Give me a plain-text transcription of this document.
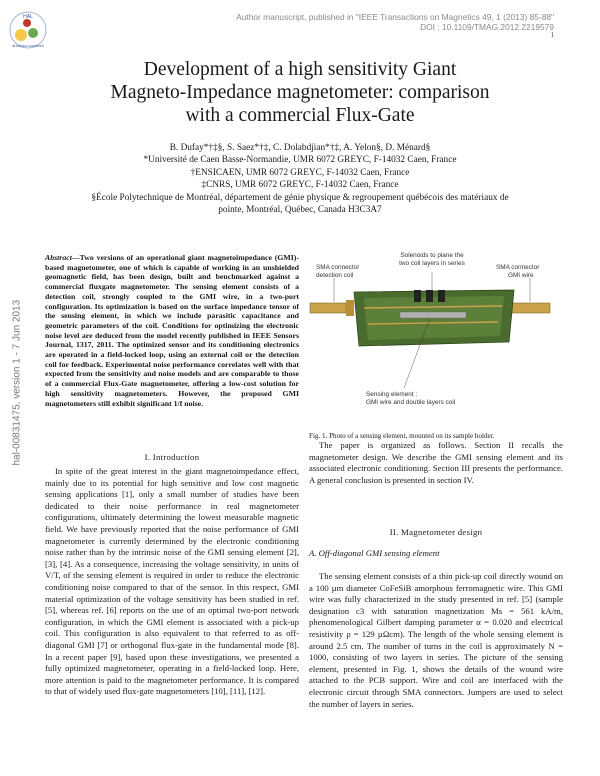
Author manuscript, published in "IEEE Transactions on Magnetics 49, 1 (2013) 85-88"
DOI : 10.1109/TMAG.2012.2219579
1
HAL
archives-ouvertes
hal-00831475, version 1 - 7 Jun 2013
Development of a high sensitivity Giant
Magneto-Impedance magnetometer: comparison
with a commercial Flux-Gate
B. Dufay*†‡§, S. Saez*†‡, C. Dolabdjian*†‡, A. Yelon§, D. Ménard§
*Université de Caen Basse-Normandie, UMR 6072 GREYC, F-14032 Caen, France
†ENSICAEN, UMR 6072 GREYC, F-14032 Caen, France
‡CNRS, UMR 6072 GREYC, F-14032 Caen, France
§École Polytechnique de Montréal, département de génie physique & regroupement québécois des matériaux de
pointe, Montréal, Québec, Canada H3C3A7
Abstract—Two versions of an operational giant magnetoimpedance (GMI)-based magnetometer, one of which is capable of working in an unshielded geomagnetic field, has been design, built and benchmarked against a commercial fluxgate magnetometer. The sensing element consists of a detection coil, strongly coupled to the GMI wire, in a two-port configuration. Its optimization is based on the surface impedance tensor of the sensing element, in which we include parasitic capacitance and geometric parameters of the coil. Conditions for optimizing the electronic noise level are deduced from the model recently published in IEEE Sensors Journal, 1317, 2011. The optimized sensor and its conditioning electronics are operated in a field-locked loop, using an external coil or the detection coil for feedback. Experimental noise performance correlates well with that expected from the sensitivity and noise models and are comparable to those of a commercial Flux-Gate magnetometer, offering a low-cost solution for high sensitivity magnetometers. However, the proposed GMI magnetometers still exhibit significant 1/f noise.
SMA connector
detection coil
Solenoids to plane the
two coil layers in series
SMA connector
GMI wire
Sensing element :
GMI wire and double layers coil
Fig. 1. Photo of a sensing element, mounted on its sample holder.
I. Introduction
In spite of the great interest in the giant magnetoimpedance effect, mainly due to its potential for high sensitive and low cost magnetic sensing applications [1], only a small number of studies have been dedicated to their noise performance in real magnetometer configurations, ultimately determining the lowest measurable magnetic field. We have previously reported that the noise performance of GMI magnetometer is currently determined by the electronic conditioning noise rather than by the intrinsic noise of the GMI sensing element [2], [3], [4]. As a consequence, increasing the voltage sensitivity, in units of V/T, of the sensing element is required in order to reduce the electronic conditioning noise compared to that of the sensor. In this respect, GMI material optimization of the voltage sensitivity has been studied in ref. [5], whereas ref. [6] reports on the use of an optimal two-port network configuration, in which the GMI element is associated with a pick-up coil. This configuration is also equivalent to that referred to as off-diagonal GMI [7] or orthogonal flux-gate in the fundamental mode [8]. In a recent paper [9], based upon these investigations, we presented a fully optimized magnetometer, operating in a field-locked loop. Here, more attention is paid to the magnetometer performance. It is compared to that of widely used flux-gate magnetometers [10], [11], [12].
The paper is organized as follows. Section II recalls the magnetometer design. We describe the GMI sensing element and its associated electronic conditioning. Section III presents the performance. A general conclusion is presented in section IV.
II. Magnetometer design
A. Off-diagonal GMI sensing element
The sensing element consists of a thin pick-up coil directly wound on a 100 µm diameter CoFeSiB amorphous ferromagnetic wire. This GMI wire was fully characterized in the study presented in ref. [5] (sample designation c3 with saturation magnetization Ms = 561 kA/m, phenomenological Gilbert damping parameter α = 0.020 and electrical resistivity ρ = 129 µΩcm). The length of the whole sensing element is around 2.5 cm. The number of turns in the coil is approximately N = 1000, consisting of two layers in series. The picture of the sensing element, presented in Fig. 1, shows the details of the wound wire attached to the PCB support. Wire and coil are interfaced with the electronic circuit through SMA connectors. Jumpers are used to select the number of layers in series.
